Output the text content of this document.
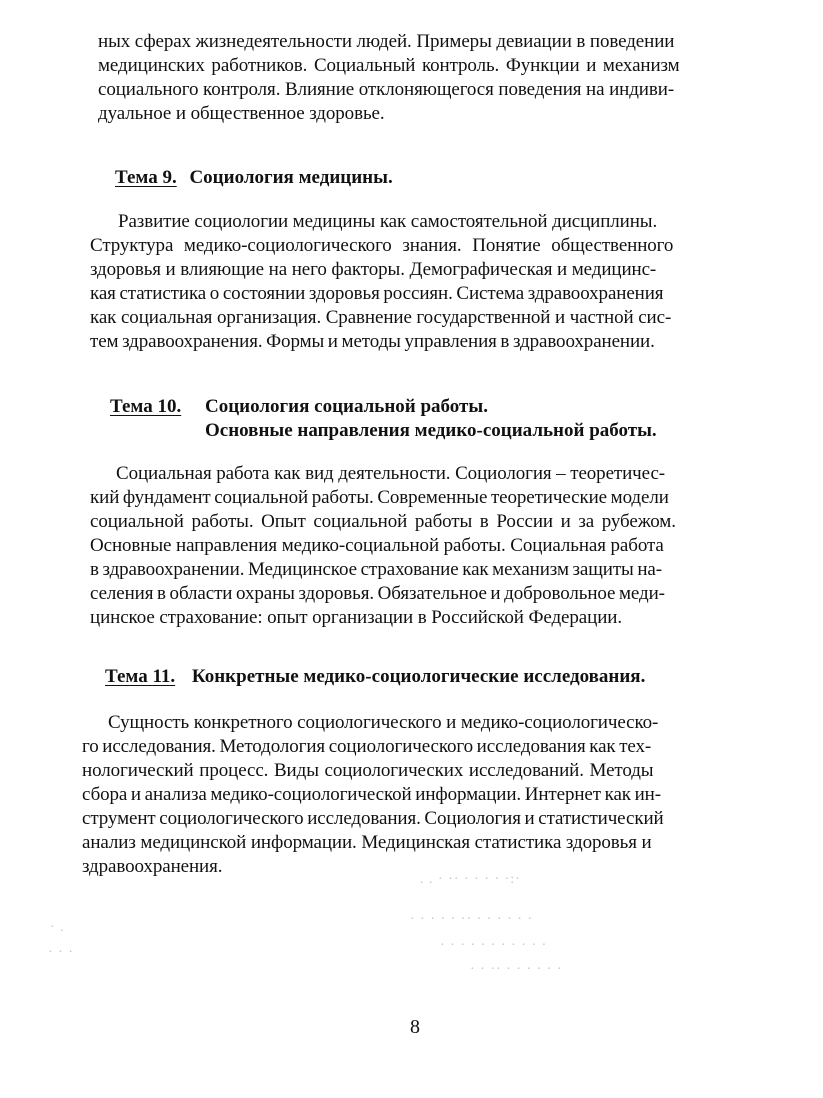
ных сферах жизнедеятельности людей. Примеры девиации в поведении
медицинских работников. Социальный контроль. Функции и механизм
социального контроля. Влияние отклоняющегося поведения на индиви-
дуальное и общественное здоровье.
Тема 9. Социология медицины.
Развитие социологии медицины как самостоятельной дисциплины.
Структура медико-социологического знания. Понятие общественного
здоровья и влияющие на него факторы. Демографическая и медицинс-
кая статистика о состоянии здоровья россиян. Система здравоохранения
как социальная организация. Сравнение государственной и частной сис-
тем здравоохранения. Формы и методы управления в здравоохранении.
Тема 10. Социология социальной работы.
Основные направления медико-социальной работы.
Социальная работа как вид деятельности. Социология – теоретичес-
кий фундамент социальной работы. Современные теоретические модели
социальной работы. Опыт социальной работы в России и за рубежом.
Основные направления медико-социальной работы. Социальная работа
в здравоохранении. Медицинское страхование как механизм защиты на-
селения в области охраны здоровья. Обязательное и добровольное меди-
цинское страхование: опыт организации в Российской Федерации.
Тема 11. Конкретные медико-социологические исследования.
Сущность конкретного социологического и медико-социологическо-
го исследования. Методология социологического исследования как тех-
нологический процесс. Виды социологических исследований. Методы
сбора и анализа медико-социологической информации. Интернет как ин-
струмент социологического исследования. Социология и статистический
анализ медицинской информации. Медицинская статистика здоровья и
здравоохранения.
. . · ·· · · · · ·:·
· · · · · ·· · · · · · ·
· · · · · · · · · · ·
· · ·· · · · · · ·
· .
· · ·
8
